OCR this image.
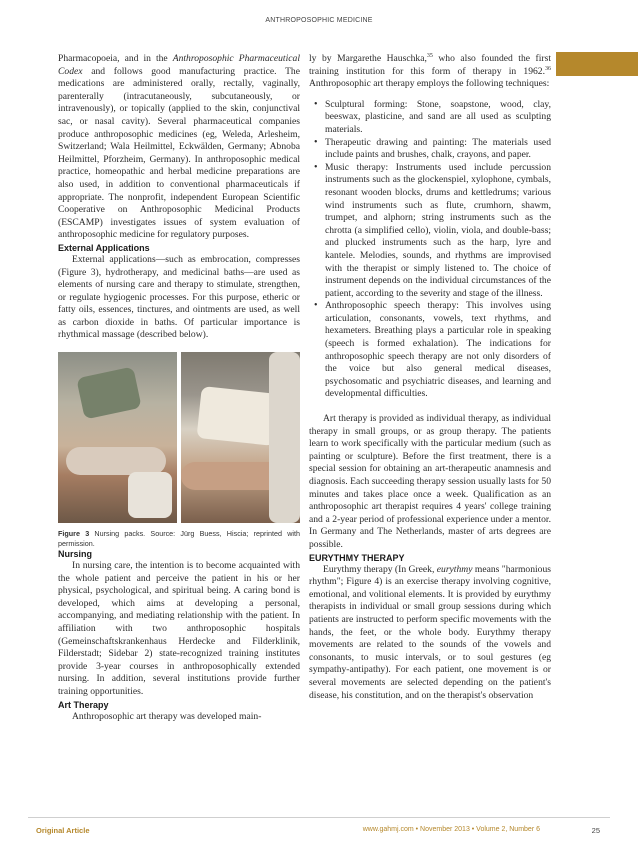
ANTHROPOSOPHIC MEDICINE

Pharmacopoeia, and in the Anthroposophic Pharmaceutical Codex and follows good manufacturing practice. The medications are administered orally, rectally, vaginally, parenterally (intracutaneously, subcutaneously, or intravenously), or topically (applied to the skin, conjunctival sac, or nasal cavity). Several pharmaceutical companies produce anthroposophic medicines (eg, Weleda, Arlesheim, Switzerland; Wala Heilmittel, Eckwälden, Germany; Abnoba Heilmittel, Pforzheim, Germany). In anthroposophic medical practice, homeopathic and herbal medicine preparations are also used, in addition to conventional pharmaceuticals if appropriate. The nonprofit, independent European Scientific Cooperative on Anthroposophic Medicinal Products (ESCAMP) investigates issues of system evaluation of anthroposophic medicine for regulatory purposes.

External Applications

External applications—such as embrocation, compresses (Figure 3), hydrotherapy, and medicinal baths—are used as elements of nursing care and therapy to stimulate, strengthen, or regulate hygiogenic processes. For this purpose, etheric or fatty oils, essences, tinctures, and ointments are used, as well as carbon dioxide in baths. Of particular importance is rhythmical massage (described below).

Figure 3 Nursing packs. Source: Jürg Buess, Hiscia; reprinted with permission.

Nursing

In nursing care, the intention is to become acquainted with the whole patient and perceive the patient in his or her physical, psychological, and spiritual being. A caring bond is developed, which aims at developing a personal, accompanying, and mediating relationship with the patient. In affiliation with two anthroposophic hospitals (Gemeinschaftskrankenhaus Herdecke and Filderklinik, Filderstadt; Sidebar 2) state-recognized training institutes provide 3-year courses in anthroposophically extended nursing. In addition, several institutions provide further training opportunities.

Art Therapy

Anthroposophic art therapy was developed main-

ly by Margarethe Hauschka,$^{35}$ who also founded the first training institution for this form of therapy in 1962.36 Anthroposophic art therapy employs the following techniques:

• Sculptural forming: Stone, soapstone, wood, clay, beeswax, plasticine, and sand are all used as sculpting materials.
• Therapeutic drawing and painting: The materials used include paints and brushes, chalk, crayons, and paper.
• Music therapy: Instruments used include percussion instruments such as the glockenspiel, xylophone, cymbals, resonant wooden blocks, drums and kettledrums; various wind instruments such as flute, crumhorn, shawm, trumpet, and alphorn; string instruments such as the chrotta (a simplified cello), violin, viola, and double-bass; and plucked instruments such as the harp, lyre and kantele. Melodies, sounds, and rhythms are improvised with the therapist or simply listened to. The choice of instrument depends on the individual circumstances of the patient, according to the severity and stage of the illness.
• Anthroposophic speech therapy: This involves using articulation, consonants, vowels, text rhythms, and hexameters. Breathing plays a particular role in speaking (speech is formed exhalation). The indications for anthroposophic speech therapy are not only disorders of the voice but also general medical diseases, psychosomatic and psychiatric diseases, and learning and developmental difficulties.

Art therapy is provided as individual therapy, as individual therapy in small groups, or as group therapy. The patients learn to work specifically with the particular medium (such as painting or sculpture). Before the first treatment, there is a special session for obtaining an art-therapeutic anamnesis and diagnosis. Each succeeding therapy session usually lasts for 50 minutes and takes place once a week. Qualification as an anthroposophic art therapist requires 4 years' college training and a 2-year period of professional experience under a mentor. In Germany and The Netherlands, master of arts degrees are possible.

EURYTHMY THERAPY

Eurythmy therapy (In Greek, eurythmy means "harmonious rhythm"; Figure 4) is an exercise therapy involving cognitive, emotional, and volitional elements. It is provided by eurythmy therapists in individual or small group sessions during which patients are instructed to perform specific movements with the hands, the feet, or the whole body. Eurythmy therapy movements are related to the sounds of the vowels and consonants, to music intervals, or to soul gestures (eg sympathy-antipathy). For each patient, one movement is or several movements are selected depending on the patient's disease, his constitution, and on the therapist's observation

Original Article	www.gahmj.com • November 2013 • Volume 2, Number 6	25
